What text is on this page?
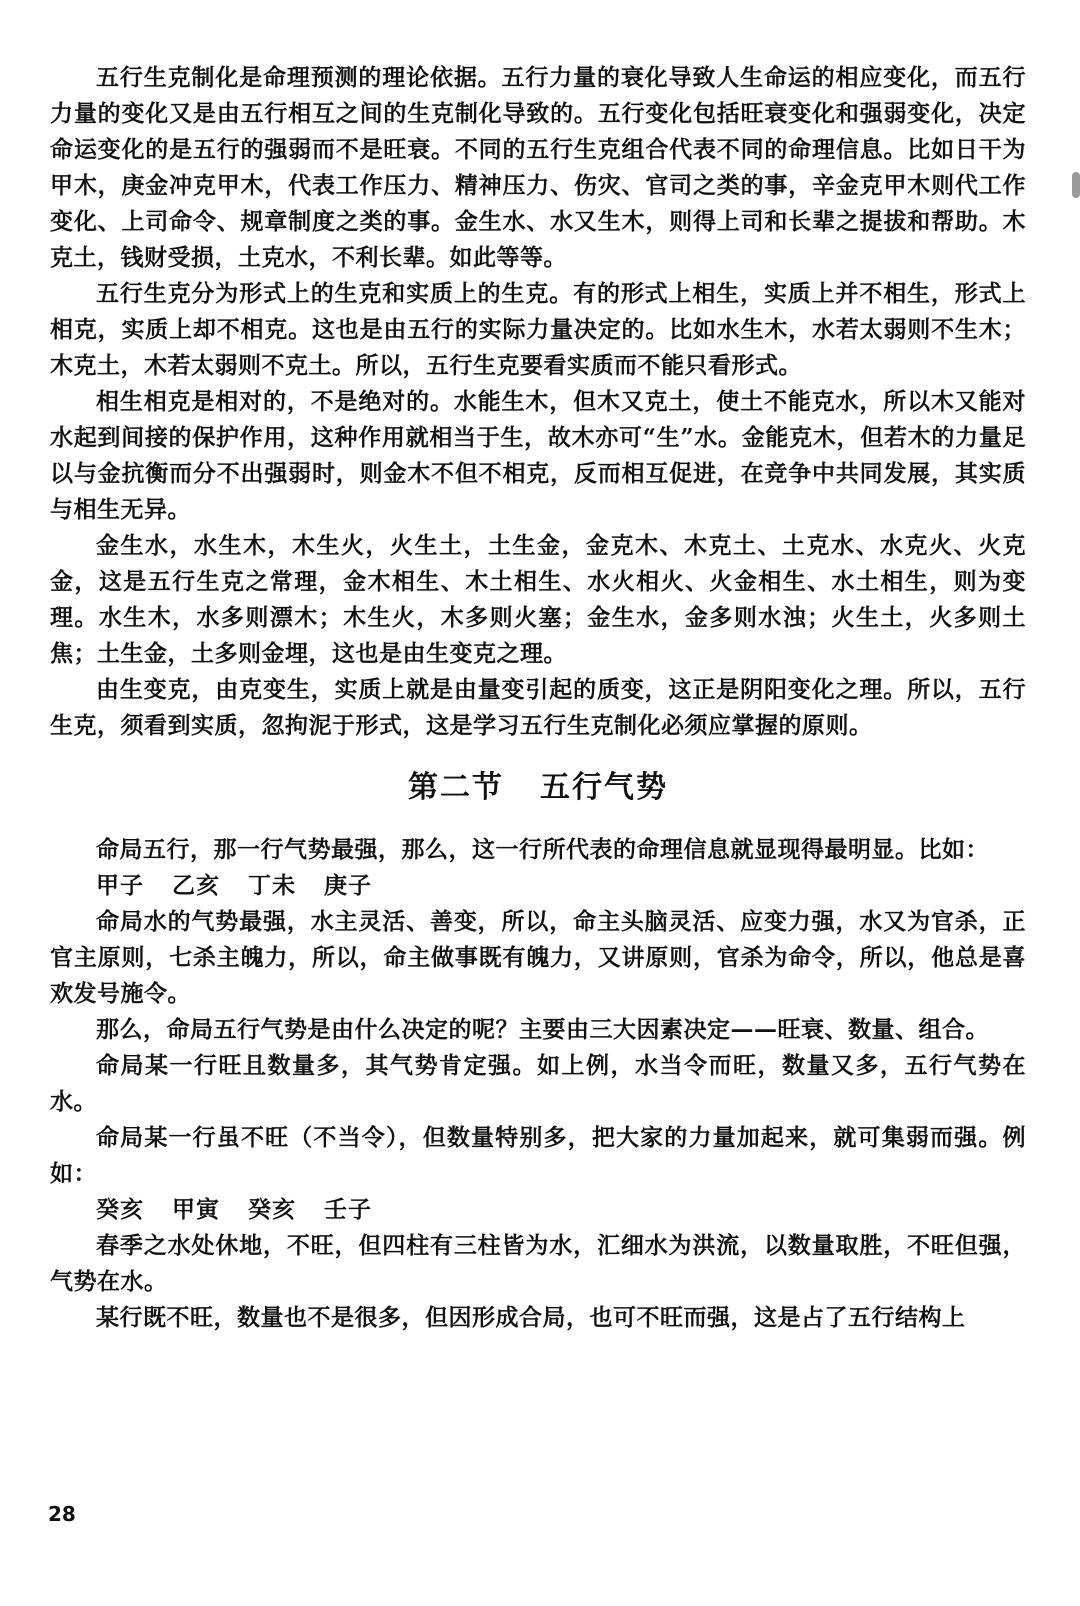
五行生克制化是命理预测的理论依据。五行力量的衰化导致人生命运的相应变化，而五行力量的变化又是由五行相互之间的生克制化导致的。五行变化包括旺衰变化和强弱变化，决定命运变化的是五行的强弱而不是旺衰。不同的五行生克组合代表不同的命理信息。比如日干为甲木，庚金冲克甲木，代表工作压力、精神压力、伤灾、官司之类的事，辛金克甲木则代工作变化、上司命令、规章制度之类的事。金生水、水又生木，则得上司和长辈之提拔和帮助。木克土，钱财受损，土克水，不利长辈。如此等等。

五行生克分为形式上的生克和实质上的生克。有的形式上相生，实质上并不相生，形式上相克，实质上却不相克。这也是由五行的实际力量决定的。比如水生木，水若太弱则不生木；木克土，木若太弱则不克土。所以，五行生克要看实质而不能只看形式。

相生相克是相对的，不是绝对的。水能生木，但木又克土，使土不能克水，所以木又能对水起到间接的保护作用，这种作用就相当于生，故木亦可“生”水。金能克木，但若木的力量足以与金抗衡而分不出强弱时，则金木不但不相克，反而相互促进，在竞争中共同发展，其实质与相生无异。

金生水，水生木，木生火，火生土，土生金，金克木、木克土、土克水、水克火、火克金，这是五行生克之常理，金木相生、木土相生、水火相火、火金相生、水土相生，则为变理。水生木，水多则漂木；木生火，木多则火塞；金生水，金多则水浊；火生土，火多则土焦；土生金，土多则金埋，这也是由生变克之理。

由生变克，由克变生，实质上就是由量变引起的质变，这正是阴阳变化之理。所以，五行生克，须看到实质，忽拘泥于形式，这是学习五行生克制化必须应掌握的原则。

第二节 五行气势

命局五行，那一行气势最强，那么，这一行所代表的命理信息就显现得最明显。比如：

甲子 乙亥 丁未 庚子

命局水的气势最强，水主灵活、善变，所以，命主头脑灵活、应变力强，水又为官杀，正官主原则，七杀主魄力，所以，命主做事既有魄力，又讲原则，官杀为命令，所以，他总是喜欢发号施令。

那么，命局五行气势是由什么决定的呢？主要由三大因素决定——旺衰、数量、组合。

命局某一行旺且数量多，其气势肯定强。如上例，水当令而旺，数量又多，五行气势在水。

命局某一行虽不旺（不当令），但数量特别多，把大家的力量加起来，就可集弱而强。例如：

癸亥 甲寅 癸亥 壬子

春季之水处休地，不旺，但四柱有三柱皆为水，汇细水为洪流，以数量取胜，不旺但强，气势在水。

某行既不旺，数量也不是很多，但因形成合局，也可不旺而强，这是占了五行结构上

28
